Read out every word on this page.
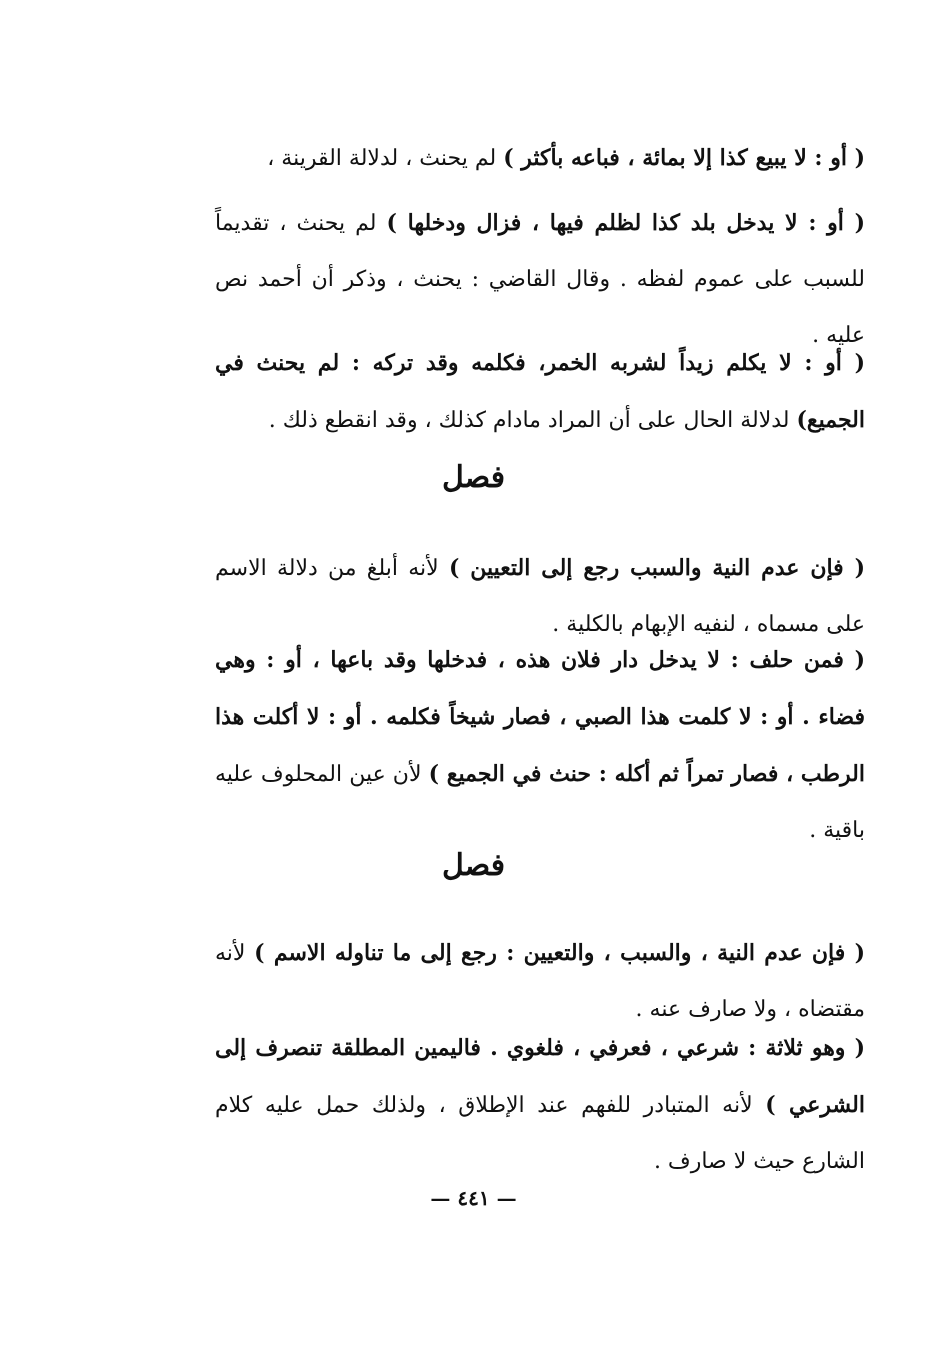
( أو : لا يبيع كذا إلا بمائة ، فباعه بأكثر ) لم يحنث ، لدلالة القرينة ،
( أو : لا يدخل بلد كذا لظلم فيها ، فزال ودخلها ) لم يحنث ، تقديماً للسبب على عموم لفظه . وقال القاضي : يحنث ، وذكر أن أحمد نص عليه .
( أو : لا يكلم زيداً لشربه الخمر، فكلمه وقد تركه : لم يحنث في الجميع) لدلالة الحال على أن المراد مادام كذلك ، وقد انقطع ذلك .
فصل
( فإن عدم النية والسبب رجع إلى التعيين ) لأنه أبلغ من دلالة الاسم على مسماه ، لنفيه الإبهام بالكلية .
( فمن حلف : لا يدخل دار فلان هذه ، فدخلها وقد باعها ، أو : وهي فضاء . أو : لا كلمت هذا الصبي ، فصار شيخاً فكلمه . أو : لا أكلت هذا الرطب ، فصار تمراً ثم أكله : حنث في الجميع ) لأن عين المحلوف عليه باقية .
فصل
( فإن عدم النية ، والسبب ، والتعيين : رجع إلى ما تناوله الاسم ) لأنه مقتضاه ، ولا صارف عنه .
( وهو ثلاثة : شرعي ، فعرفي ، فلغوي . فاليمين المطلقة تنصرف إلى الشرعي ) لأنه المتبادر للفهم عند الإطلاق ، ولذلك حمل عليه كلام الشارع حيث لا صارف .
— ٤٤١ —
